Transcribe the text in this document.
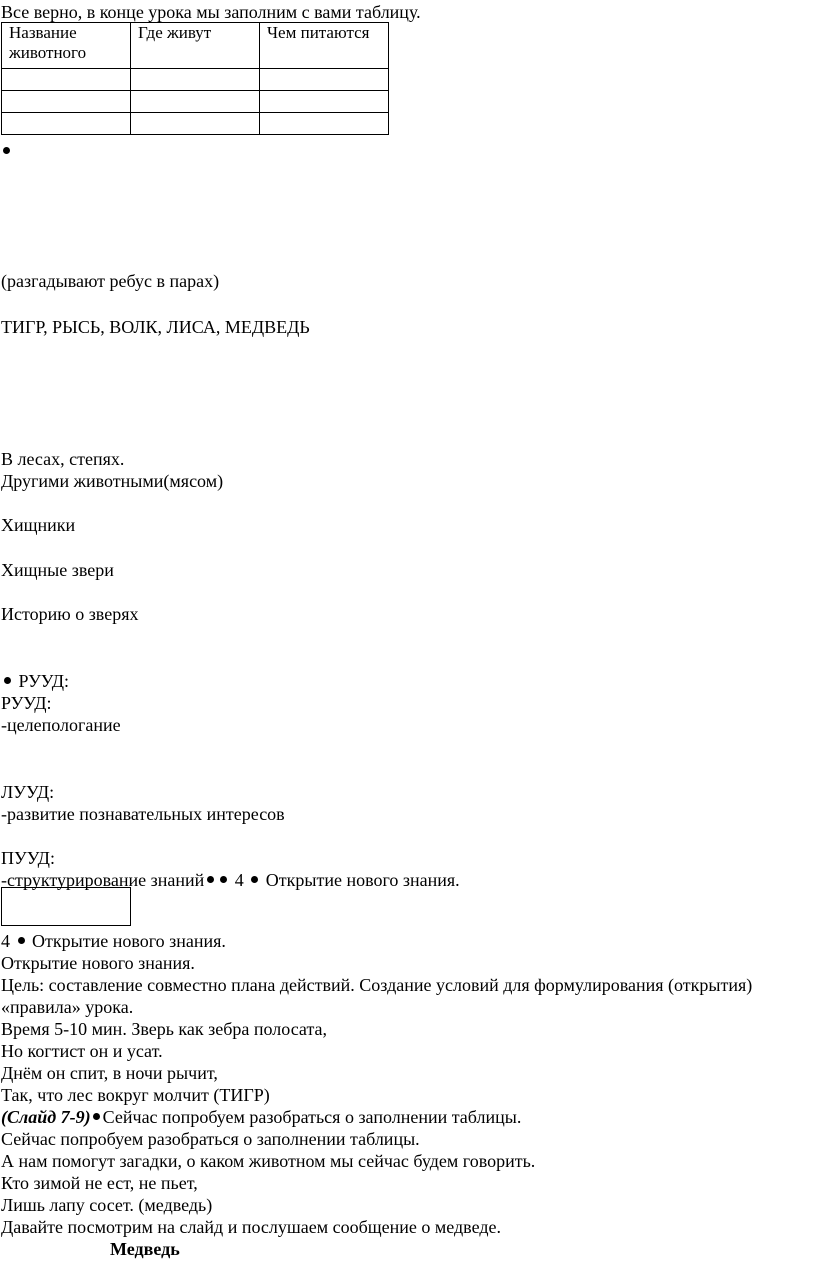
Все верно, в конце урока мы заполним с вами таблицу.
Название животного	Где живут	Чем питаются

(разгадывают ребус в парах)
ТИГР, РЫСЬ, ВОЛК, ЛИСА, МЕДВЕДЬ
В лесах, степях.
Другими животными(мясом)
Хищники
Хищные звери
Историю о зверях
РУУД:
РУУД:
-целепологание
ЛУУД:
-развитие познавательных интересов
ПУУД:
-структурирование знаний 4 Открытие нового знания.
4 Открытие нового знания.
Открытие нового знания.
Цель: составление совместно плана действий. Создание условий для формулирования (открытия)
«правила» урока.
Время 5-10 мин. Зверь как зебра полосата,
Но когтист он и усат.
Днём он спит, в ночи рычит,
Так, что лес вокруг молчит (ТИГР)
(Слайд 7-9) Сейчас попробуем разобраться о заполнении таблицы.
Сейчас попробуем разобраться о заполнении таблицы.
А нам помогут загадки, о каком животном мы сейчас будем говорить.
Кто зимой не ест, не пьет,
Лишь лапу сосет. (медведь)
Давайте посмотрим на слайд и послушаем сообщение о медведе.
Медведь
